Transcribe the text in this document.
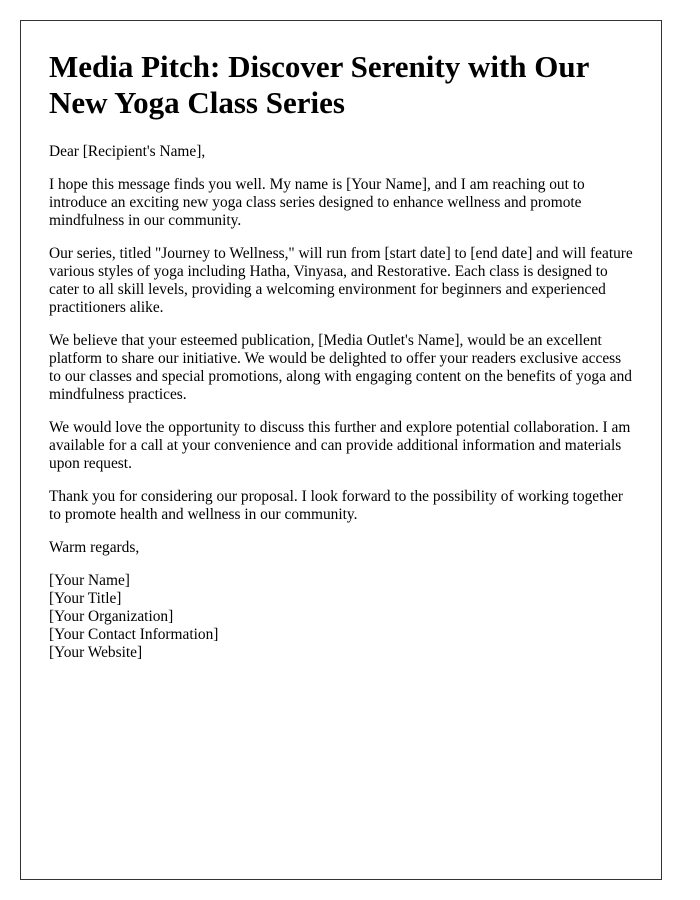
Media Pitch: Discover Serenity with Our New Yoga Class Series

Dear [Recipient's Name],

I hope this message finds you well. My name is [Your Name], and I am reaching out to introduce an exciting new yoga class series designed to enhance wellness and promote mindfulness in our community.

Our series, titled "Journey to Wellness," will run from [start date] to [end date] and will feature various styles of yoga including Hatha, Vinyasa, and Restorative. Each class is designed to cater to all skill levels, providing a welcoming environment for beginners and experienced practitioners alike.

We believe that your esteemed publication, [Media Outlet's Name], would be an excellent platform to share our initiative. We would be delighted to offer your readers exclusive access to our classes and special promotions, along with engaging content on the benefits of yoga and mindfulness practices.

We would love the opportunity to discuss this further and explore potential collaboration. I am available for a call at your convenience and can provide additional information and materials upon request.

Thank you for considering our proposal. I look forward to the possibility of working together to promote health and wellness in our community.

Warm regards,

[Your Name]

[Your Title]

[Your Organization]

[Your Contact Information]

[Your Website]
